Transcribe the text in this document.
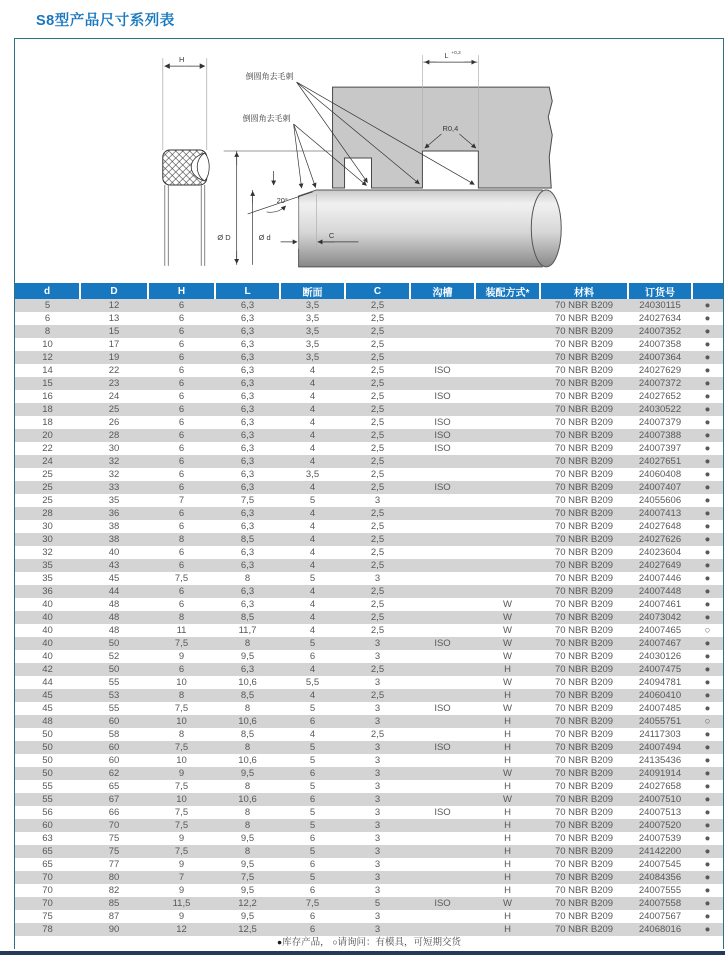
S8型产品尺寸系列表
H
Ø D	Ø d
20°
C
L +0,2
R0,4
倒圆角去毛刺
倒圆角去毛刺
d	D	H	L	断面	C	沟槽	装配方式*	材料	订货号	
5	12	6	6,3	3,5	2,5			70 NBR B209	24030115	●
6	13	6	6,3	3,5	2,5			70 NBR B209	24027634	●
8	15	6	6,3	3,5	2,5			70 NBR B209	24007352	●
10	17	6	6,3	3,5	2,5			70 NBR B209	24007358	●
12	19	6	6,3	3,5	2,5			70 NBR B209	24007364	●
14	22	6	6,3	4	2,5	ISO		70 NBR B209	24027629	●
15	23	6	6,3	4	2,5			70 NBR B209	24007372	●
16	24	6	6,3	4	2,5	ISO		70 NBR B209	24027652	●
18	25	6	6,3	4	2,5			70 NBR B209	24030522	●
18	26	6	6,3	4	2,5	ISO		70 NBR B209	24007379	●
20	28	6	6,3	4	2,5	ISO		70 NBR B209	24007388	●
22	30	6	6,3	4	2,5	ISO		70 NBR B209	24007397	●
24	32	6	6,3	4	2,5			70 NBR B209	24027651	●
25	32	6	6,3	3,5	2,5			70 NBR B209	24060408	●
25	33	6	6,3	4	2,5	ISO		70 NBR B209	24007407	●
25	35	7	7,5	5	3			70 NBR B209	24055606	●
28	36	6	6,3	4	2,5			70 NBR B209	24007413	●
30	38	6	6,3	4	2,5			70 NBR B209	24027648	●
30	38	8	8,5	4	2,5			70 NBR B209	24027626	●
32	40	6	6,3	4	2,5			70 NBR B209	24023604	●
35	43	6	6,3	4	2,5			70 NBR B209	24027649	●
35	45	7,5	8	5	3			70 NBR B209	24007446	●
36	44	6	6,3	4	2,5			70 NBR B209	24007448	●
40	48	6	6,3	4	2,5		W	70 NBR B209	24007461	●
40	48	8	8,5	4	2,5		W	70 NBR B209	24073042	●
40	48	11	11,7	4	2,5		W	70 NBR B209	24007465	○
40	50	7,5	8	5	3	ISO	W	70 NBR B209	24007467	●
40	52	9	9,5	6	3		W	70 NBR B209	24030126	●
42	50	6	6,3	4	2,5		H	70 NBR B209	24007475	●
44	55	10	10,6	5,5	3		W	70 NBR B209	24094781	●
45	53	8	8,5	4	2,5		H	70 NBR B209	24060410	●
45	55	7,5	8	5	3	ISO	W	70 NBR B209	24007485	●
48	60	10	10,6	6	3		H	70 NBR B209	24055751	○
50	58	8	8,5	4	2,5		H	70 NBR B209	24117303	●
50	60	7,5	8	5	3	ISO	H	70 NBR B209	24007494	●
50	60	10	10,6	5	3		H	70 NBR B209	24135436	●
50	62	9	9,5	6	3		W	70 NBR B209	24091914	●
55	65	7,5	8	5	3		H	70 NBR B209	24027658	●
55	67	10	10,6	6	3		W	70 NBR B209	24007510	●
56	66	7,5	8	5	3	ISO	H	70 NBR B209	24007513	●
60	70	7,5	8	5	3		H	70 NBR B209	24007520	●
63	75	9	9,5	6	3		H	70 NBR B209	24007539	●
65	75	7,5	8	5	3		H	70 NBR B209	24142200	●
65	77	9	9,5	6	3		H	70 NBR B209	24007545	●
70	80	7	7,5	5	3		H	70 NBR B209	24084356	●
70	82	9	9,5	6	3		H	70 NBR B209	24007555	●
70	85	11,5	12,2	7,5	5	ISO	W	70 NBR B209	24007558	●
75	87	9	9,5	6	3		H	70 NBR B209	24007567	●
78	90	12	12,5	6	3		H	70 NBR B209	24068016	●
●库存产品， ○请询问：有模具，可短期交货
